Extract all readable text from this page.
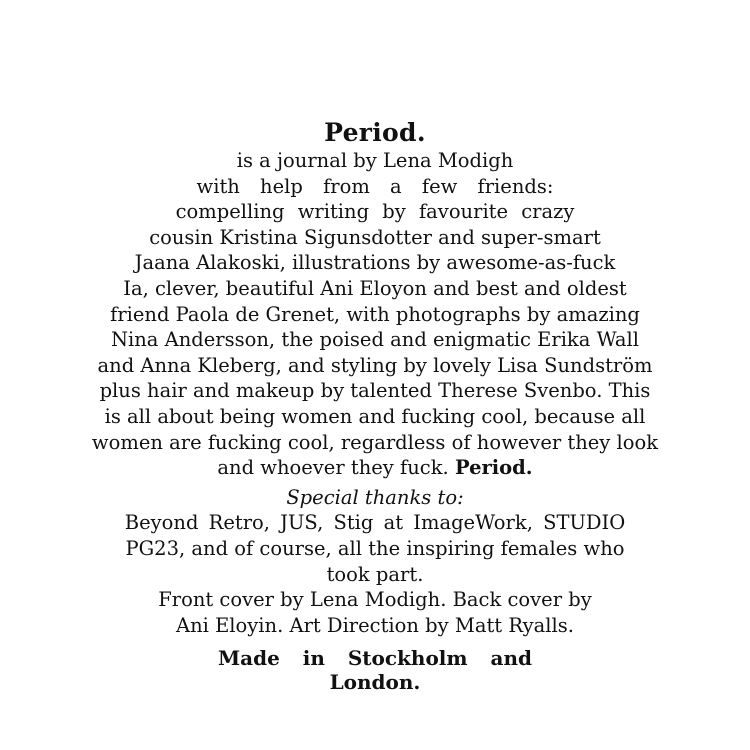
Period.

is a journal by Lena Modigh

with help from a few friends:

compelling writing by favourite crazy

cousin Kristina Sigunsdotter and super-smart

Jaana Alakoski, illustrations by awesome-as-fuck

Ia, clever, beautiful Ani Eloyon and best and oldest

friend Paola de Grenet, with photographs by amazing

Nina Andersson, the poised and enigmatic Erika Wall

and Anna Kleberg, and styling by lovely Lisa Sundström

plus hair and makeup by talented Therese Svenbo. This

is all about being women and fucking cool, because all

women are fucking cool, regardless of however they look

and whoever they fuck. Period.

Special thanks to:

Beyond Retro, JUS, Stig at ImageWork, STUDIO

PG23, and of course, all the inspiring females who

took part.

Front cover by Lena Modigh. Back cover by

Ani Eloyin. Art Direction by Matt Ryalls.

Made in Stockholm and

London.
